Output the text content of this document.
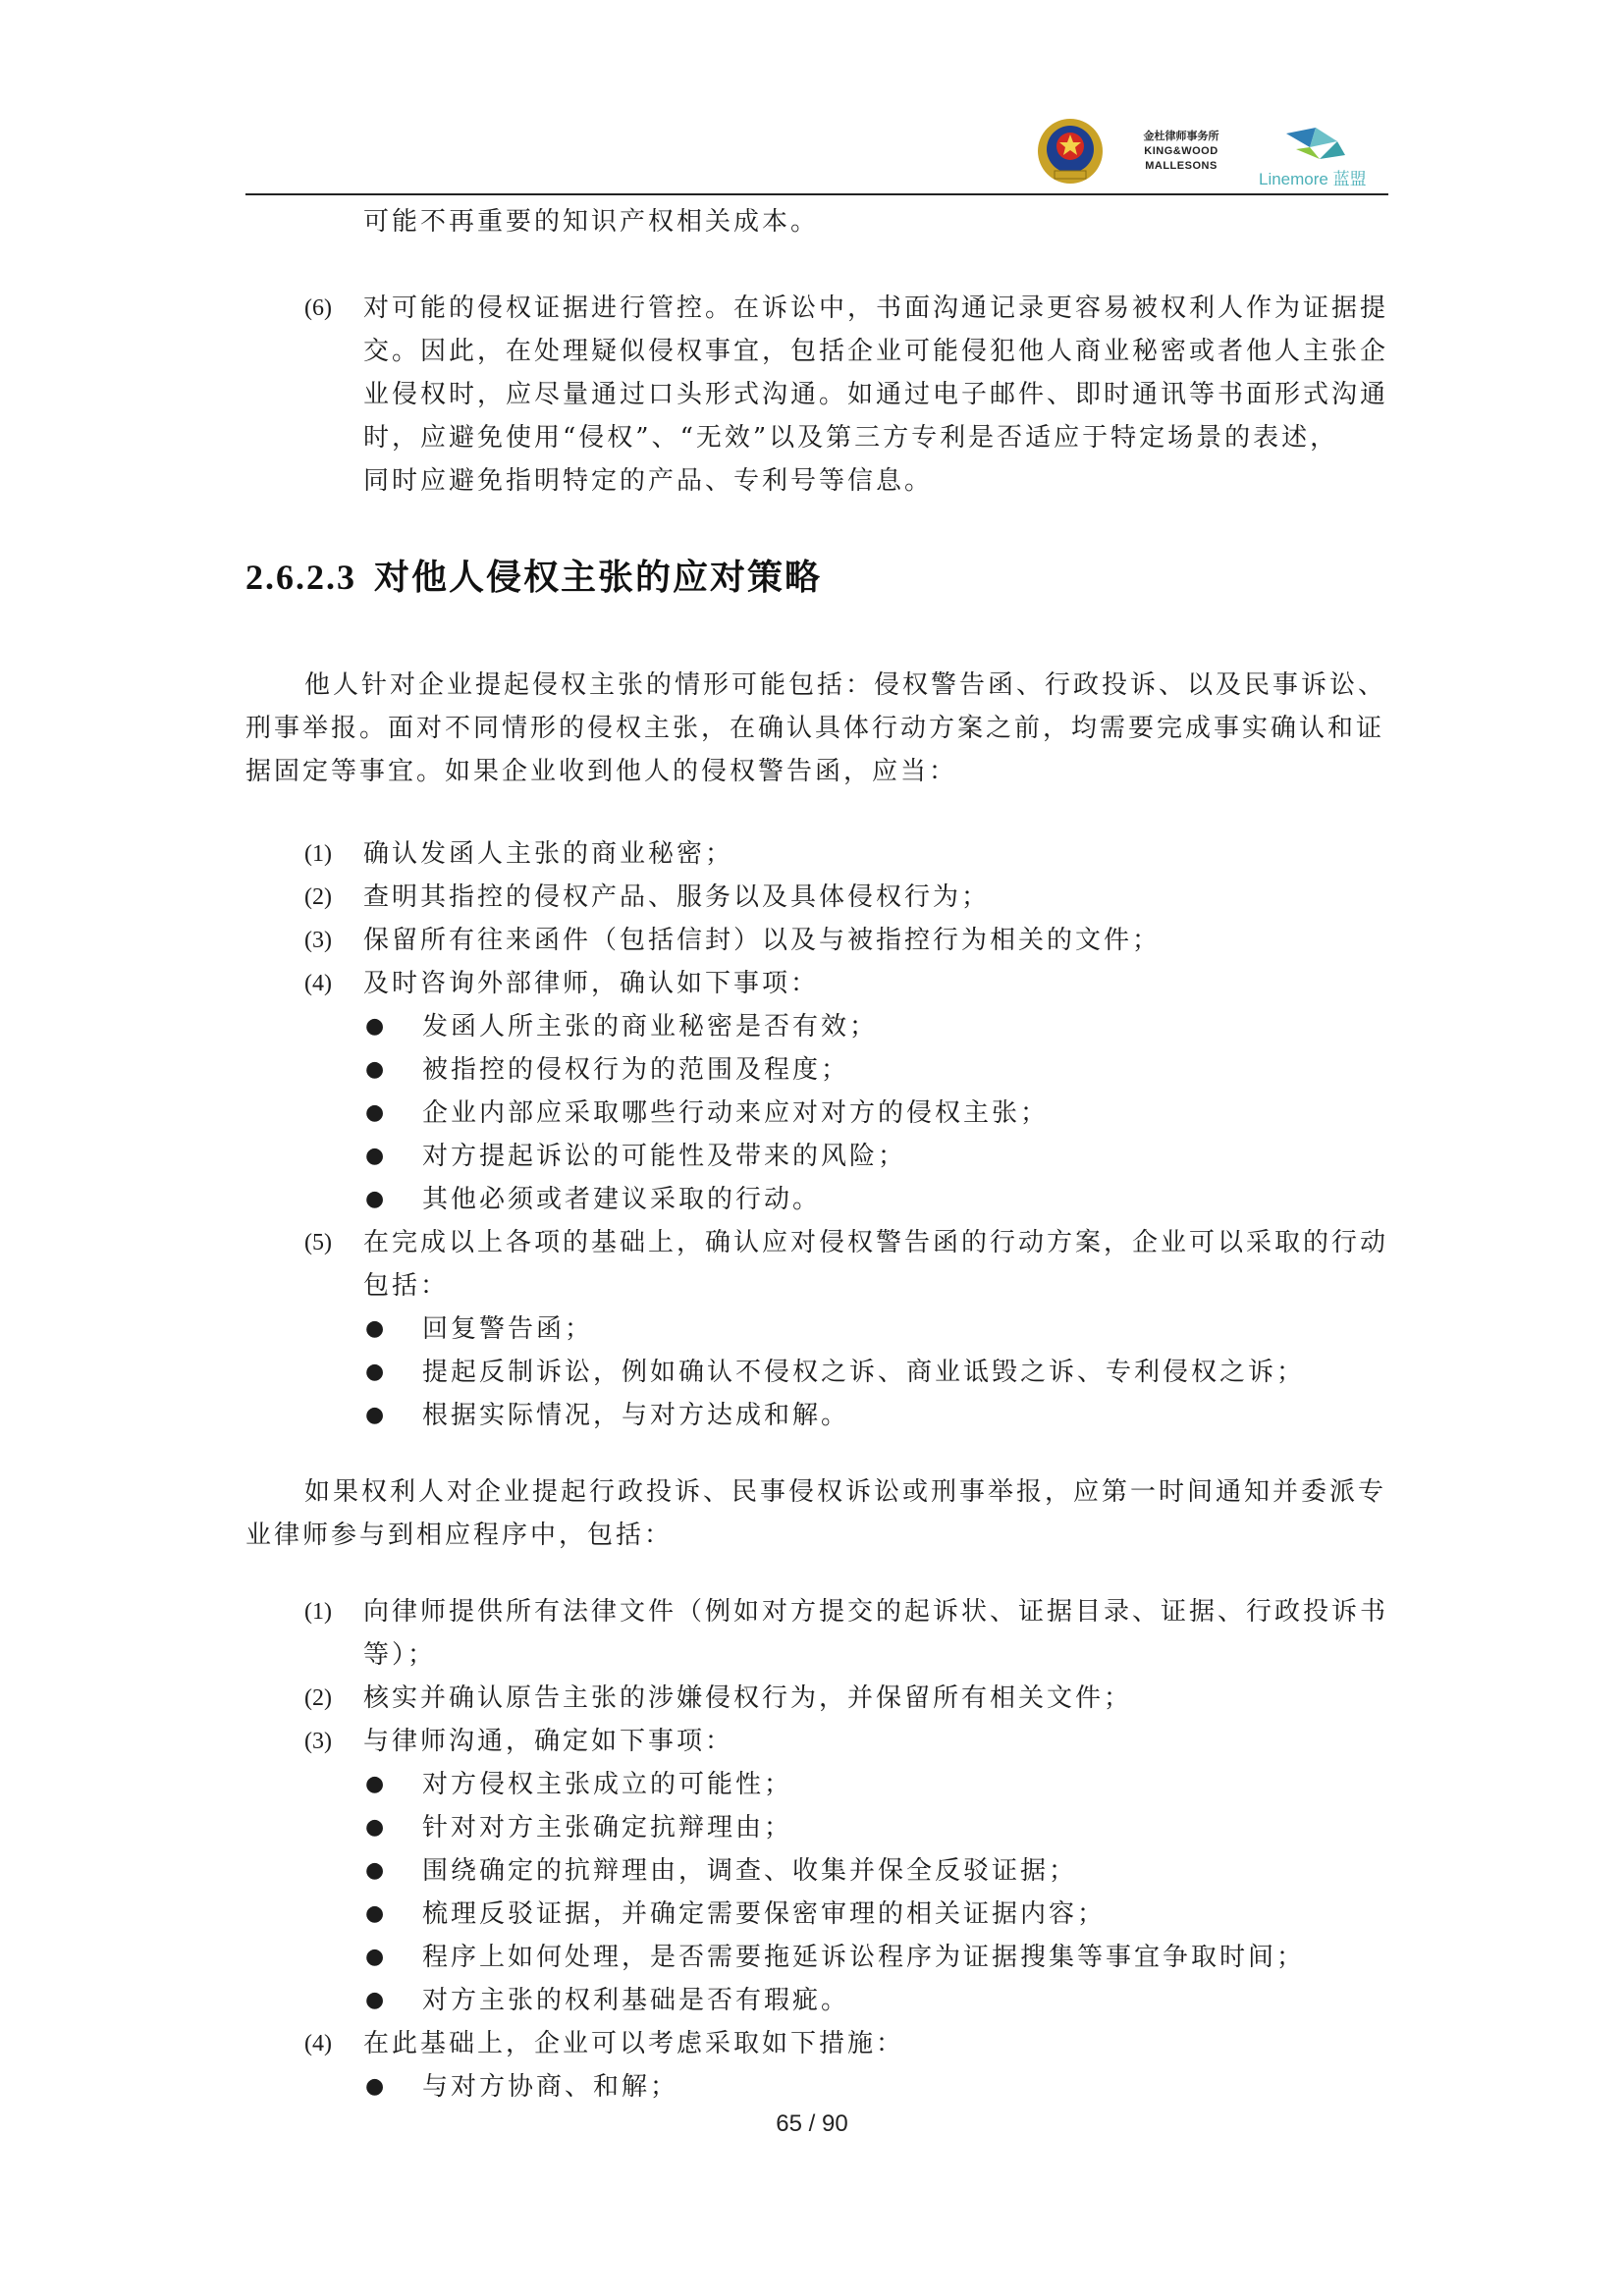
金杜律师事务所
KING&WOOD
MALLESONS
Linemore 蓝盟
可能不再重要的知识产权相关成本。
(6) 对可能的侵权证据进行管控。在诉讼中，书面沟通记录更容易被权利人作为证据提
交。因此，在处理疑似侵权事宜，包括企业可能侵犯他人商业秘密或者他人主张企
业侵权时，应尽量通过口头形式沟通。如通过电子邮件、即时通讯等书面形式沟通
时，应避免使用“侵权”、“无效”以及第三方专利是否适应于特定场景的表述，
同时应避免指明特定的产品、专利号等信息。
2.6.2.3 对他人侵权主张的应对策略
他人针对企业提起侵权主张的情形可能包括：侵权警告函、行政投诉、以及民事诉讼、
刑事举报。面对不同情形的侵权主张，在确认具体行动方案之前，均需要完成事实确认和证
据固定等事宜。如果企业收到他人的侵权警告函，应当：
(1) 确认发函人主张的商业秘密；
(2) 查明其指控的侵权产品、服务以及具体侵权行为；
(3) 保留所有往来函件（包括信封）以及与被指控行为相关的文件；
(4) 及时咨询外部律师，确认如下事项：
● 发函人所主张的商业秘密是否有效；
● 被指控的侵权行为的范围及程度；
● 企业内部应采取哪些行动来应对对方的侵权主张；
● 对方提起诉讼的可能性及带来的风险；
● 其他必须或者建议采取的行动。
(5) 在完成以上各项的基础上，确认应对侵权警告函的行动方案，企业可以采取的行动
包括：
● 回复警告函；
● 提起反制诉讼，例如确认不侵权之诉、商业诋毁之诉、专利侵权之诉；
● 根据实际情况，与对方达成和解。
如果权利人对企业提起行政投诉、民事侵权诉讼或刑事举报，应第一时间通知并委派专
业律师参与到相应程序中，包括：
(1) 向律师提供所有法律文件（例如对方提交的起诉状、证据目录、证据、行政投诉书
等）；
(2) 核实并确认原告主张的涉嫌侵权行为，并保留所有相关文件；
(3) 与律师沟通，确定如下事项：
● 对方侵权主张成立的可能性；
● 针对对方主张确定抗辩理由；
● 围绕确定的抗辩理由，调查、收集并保全反驳证据；
● 梳理反驳证据，并确定需要保密审理的相关证据内容；
● 程序上如何处理，是否需要拖延诉讼程序为证据搜集等事宜争取时间；
● 对方主张的权利基础是否有瑕疵。
(4) 在此基础上，企业可以考虑采取如下措施：
● 与对方协商、和解；
65 / 90
